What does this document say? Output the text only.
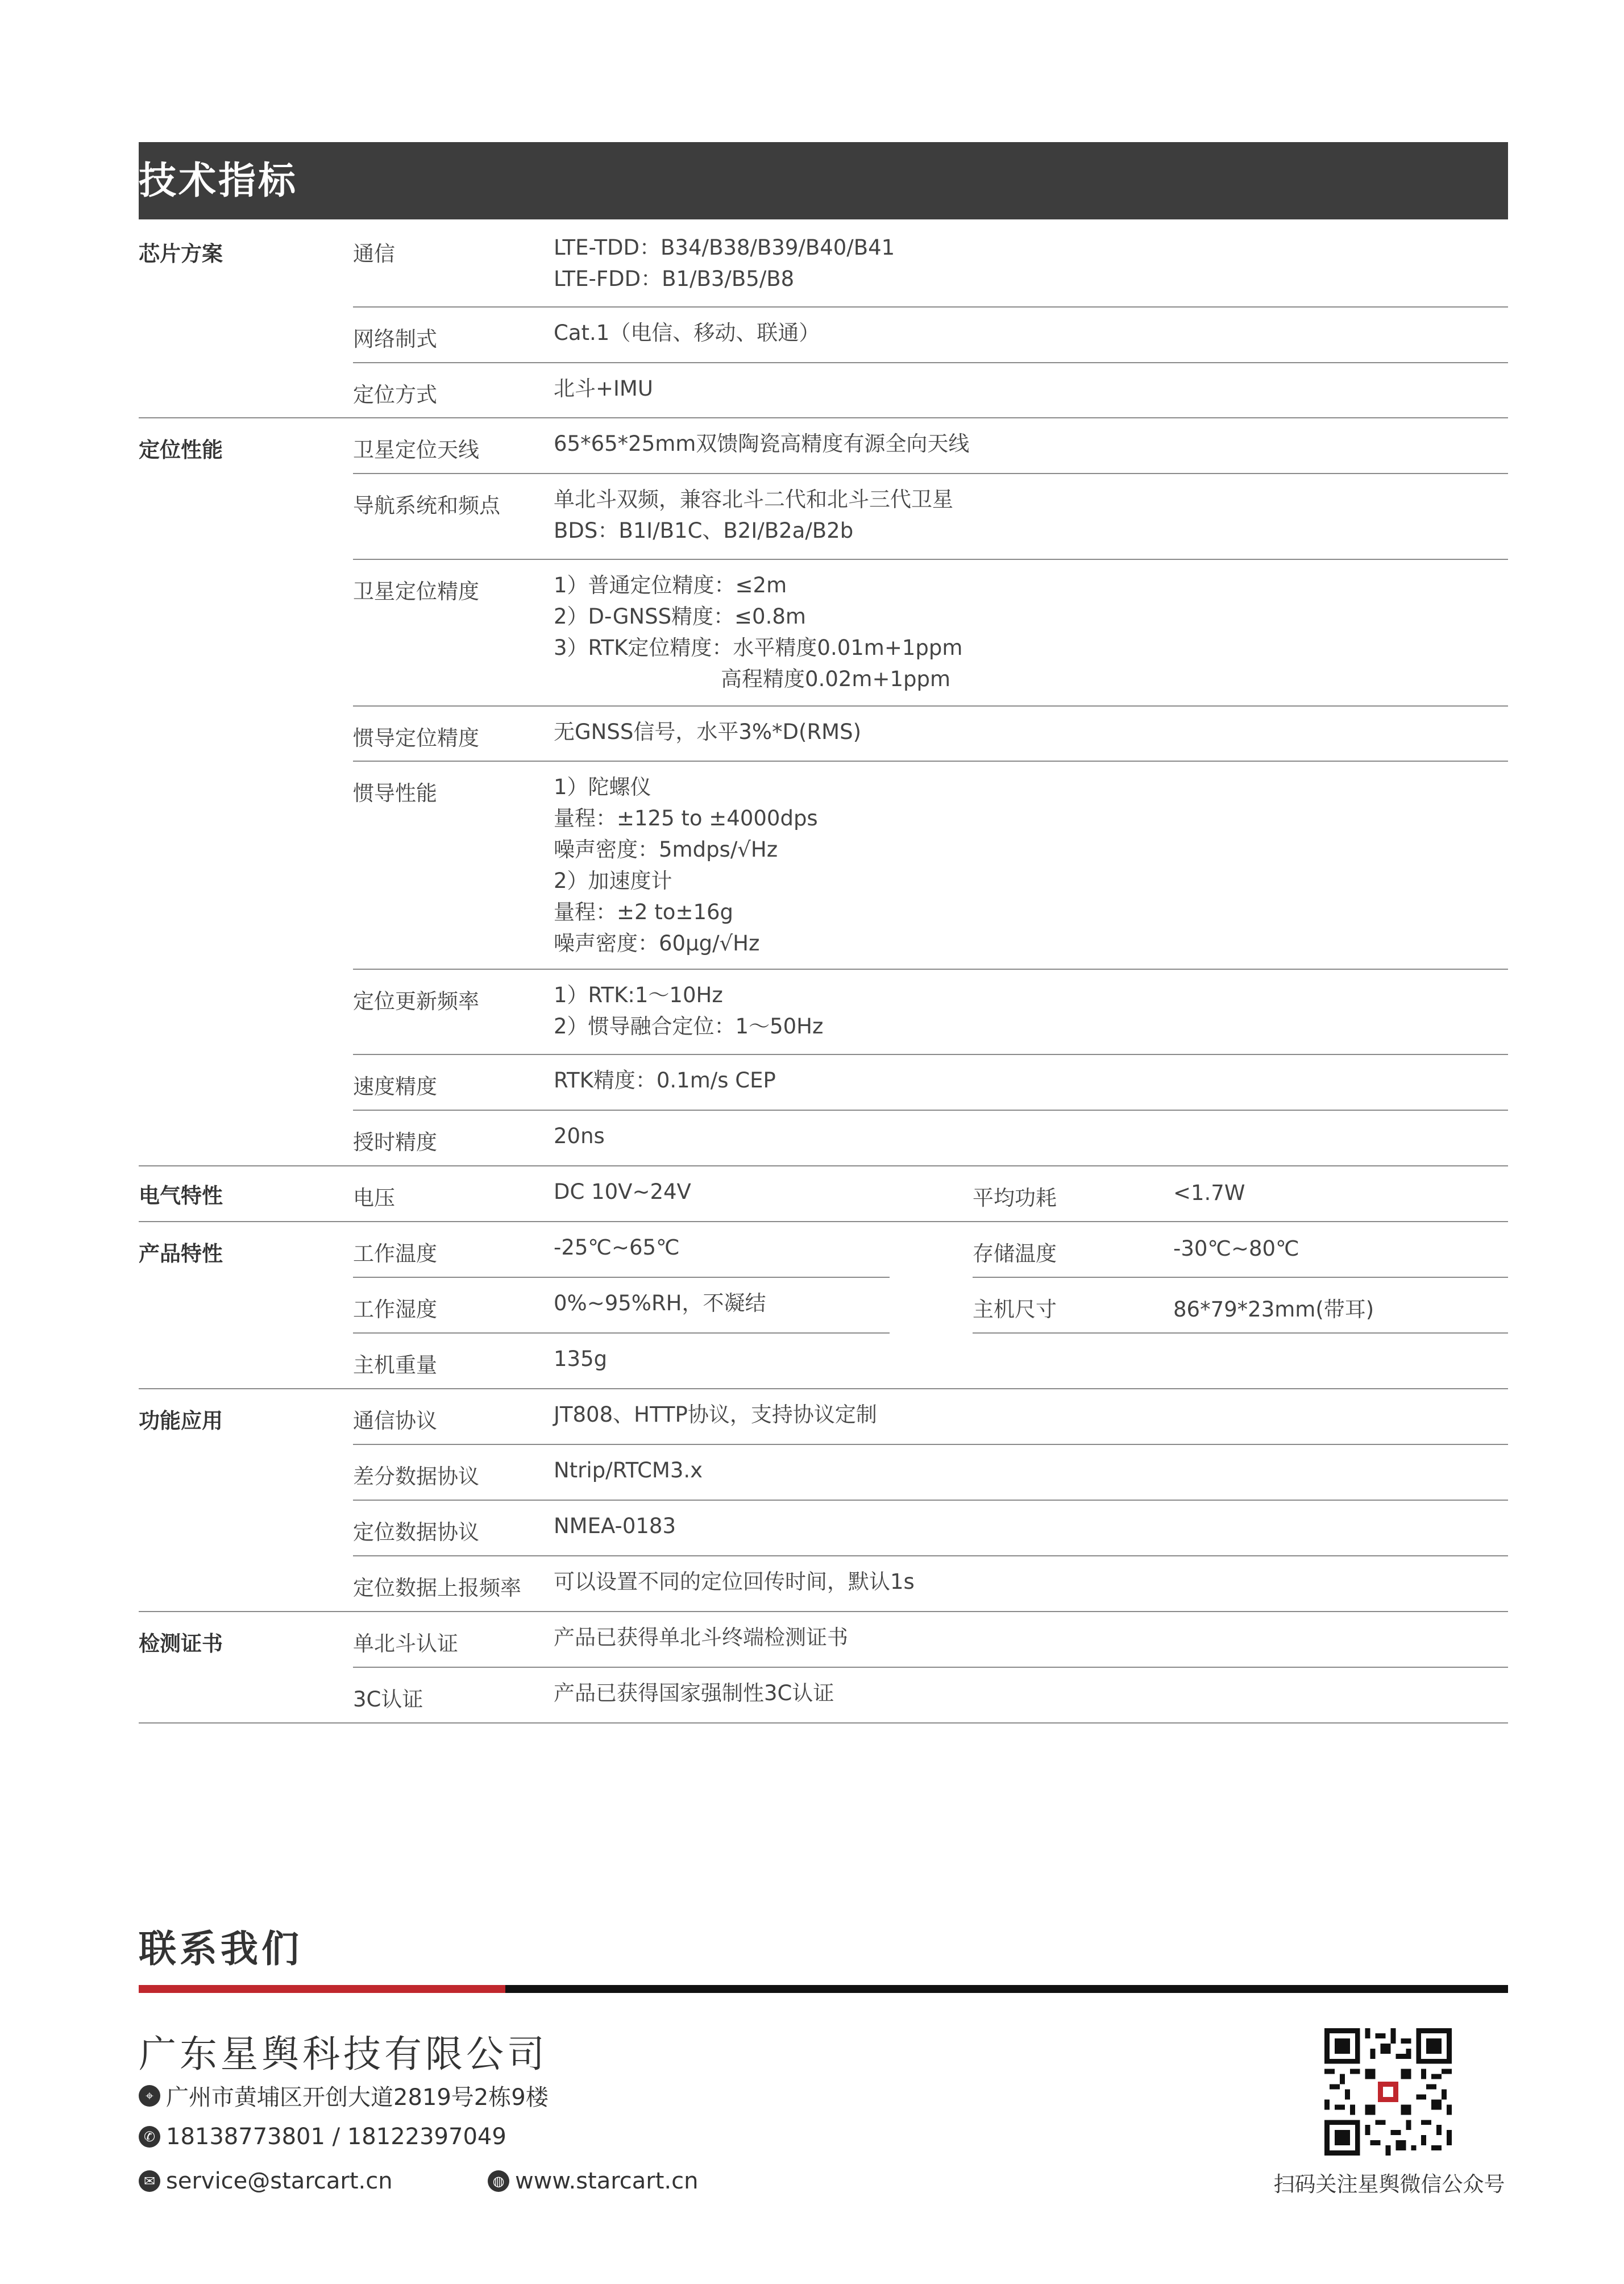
技术指标
芯片方案	通信	LTE-TDD：B34/B38/B39/B40/B41
LTE-FDD：B1/B3/B5/B8
网络制式	Cat.1（电信、移动、联通）
定位方式	北斗+IMU
定位性能	卫星定位天线	65*65*25mm双馈陶瓷高精度有源全向天线
导航系统和频点	单北斗双频，兼容北斗二代和北斗三代卫星
BDS：B1I/B1C、B2I/B2a/B2b
卫星定位精度	1）普通定位精度：≤2m
2）D-GNSS精度：≤0.8m
3）RTK定位精度：水平精度0.01m+1ppm
高程精度0.02m+1ppm
惯导定位精度	无GNSS信号，水平3%*D(RMS)
惯导性能	1）陀螺仪
量程：±125 to ±4000dps
噪声密度：5mdps/√Hz
2）加速度计
量程：±2 to±16g
噪声密度：60μg/√Hz
定位更新频率	1）RTK:1～10Hz
2）惯导融合定位：1～50Hz
速度精度	RTK精度：0.1m/s CEP
授时精度	20ns
电气特性	电压	DC 10V~24V	平均功耗	<1.7W
产品特性	工作温度	-25℃~65℃	存储温度	-30℃~80℃
工作湿度	0%~95%RH，不凝结	主机尺寸	86*79*23mm(带耳)
主机重量	135g
功能应用	通信协议	JT808、HTTP协议，支持协议定制
差分数据协议	Ntrip/RTCM3.x
定位数据协议	NMEA-0183
定位数据上报频率 可以设置不同的定位回传时间，默认1s
检测证书	单北斗认证	产品已获得单北斗终端检测证书
3C认证	产品已获得国家强制性3C认证
联系我们
广东星舆科技有限公司
⌖ 广州市黄埔区开创大道2819号2栋9楼
✆ 18138773801 / 18122397049
✉ service@starcart.cn	◍ www.starcart.cn	扫码关注星舆微信公众号
